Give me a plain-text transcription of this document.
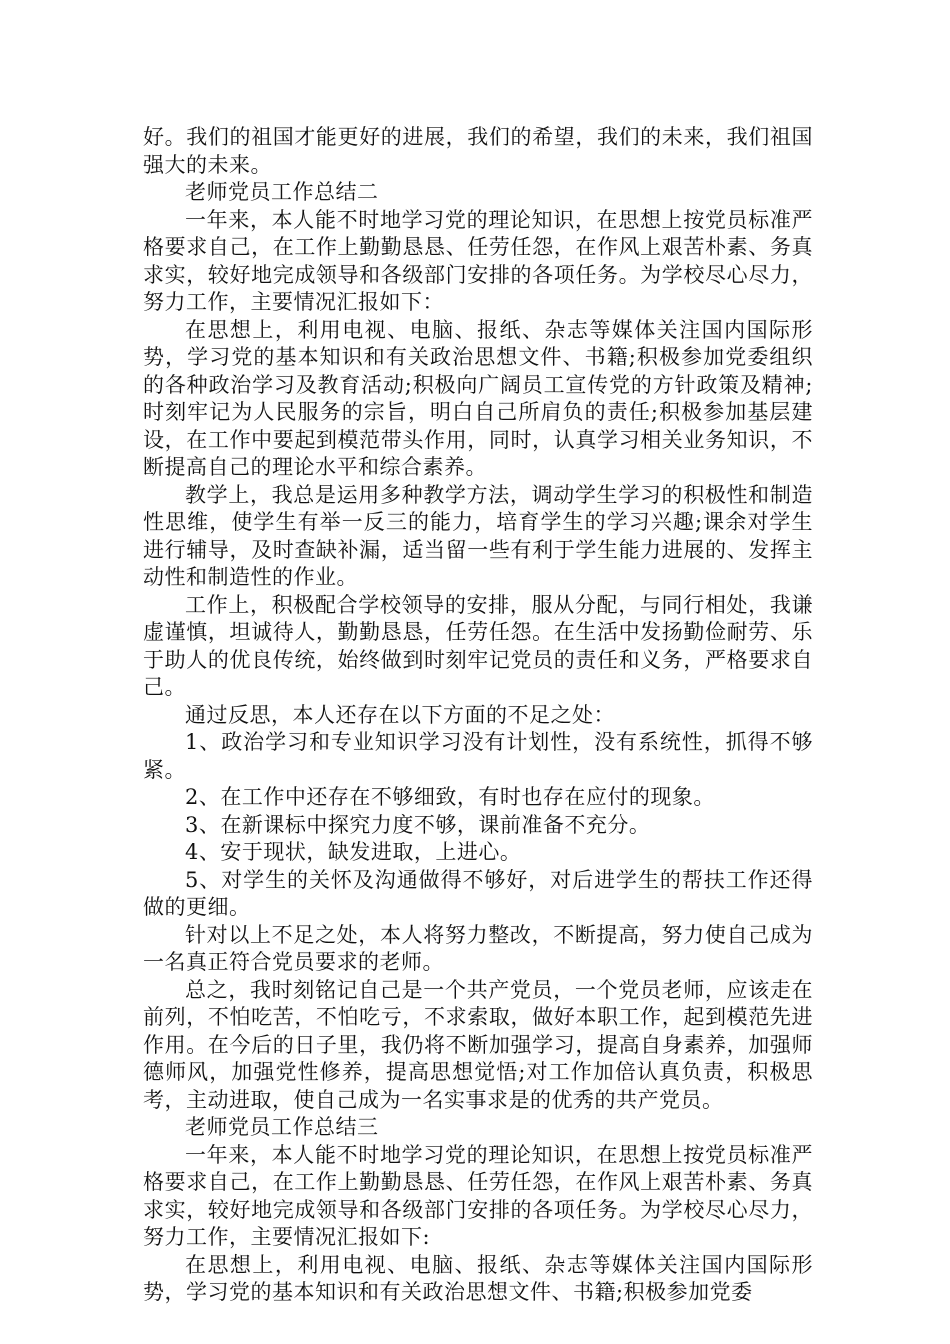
好。我们的祖国才能更好的进展，我们的希望，我们的未来，我们祖国强大的未来。

老师党员工作总结二

一年来，本人能不时地学习党的理论知识，在思想上按党员标准严格要求自己，在工作上勤勤恳恳、任劳任怨，在作风上艰苦朴素、务真求实，较好地完成领导和各级部门安排的各项任务。为学校尽心尽力，努力工作，主要情况汇报如下：

在思想上，利用电视、电脑、报纸、杂志等媒体关注国内国际形势，学习党的基本知识和有关政治思想文件、书籍;积极参加党委组织的各种政治学习及教育活动;积极向广阔员工宣传党的方针政策及精神;时刻牢记为人民服务的宗旨，明白自己所肩负的责任;积极参加基层建设，在工作中要起到模范带头作用，同时，认真学习相关业务知识，不断提高自己的理论水平和综合素养。

教学上，我总是运用多种教学方法，调动学生学习的积极性和制造性思维，使学生有举一反三的能力，培育学生的学习兴趣;课余对学生进行辅导，及时查缺补漏，适当留一些有利于学生能力进展的、发挥主动性和制造性的作业。

工作上，积极配合学校领导的安排，服从分配，与同行相处，我谦虚谨慎，坦诚待人，勤勤恳恳，任劳任怨。在生活中发扬勤俭耐劳、乐于助人的优良传统，始终做到时刻牢记党员的责任和义务，严格要求自己。

通过反思，本人还存在以下方面的不足之处：

1、政治学习和专业知识学习没有计划性，没有系统性，抓得不够紧。

2、在工作中还存在不够细致，有时也存在应付的现象。

3、在新课标中探究力度不够，课前准备不充分。

4、安于现状，缺发进取，上进心。

5、对学生的关怀及沟通做得不够好，对后进学生的帮扶工作还得做的更细。

针对以上不足之处，本人将努力整改，不断提高，努力使自己成为一名真正符合党员要求的老师。

总之，我时刻铭记自己是一个共产党员，一个党员老师，应该走在前列，不怕吃苦，不怕吃亏，不求索取，做好本职工作，起到模范先进作用。在今后的日子里，我仍将不断加强学习，提高自身素养，加强师德师风，加强党性修养，提高思想觉悟;对工作加倍认真负责，积极思考，主动进取，使自己成为一名实事求是的优秀的共产党员。

老师党员工作总结三

一年来，本人能不时地学习党的理论知识，在思想上按党员标准严格要求自己，在工作上勤勤恳恳、任劳任怨，在作风上艰苦朴素、务真求实，较好地完成领导和各级部门安排的各项任务。为学校尽心尽力，努力工作，主要情况汇报如下:

在思想上，利用电视、电脑、报纸、杂志等媒体关注国内国际形势，学习党的基本知识和有关政治思想文件、书籍;积极参加党委
